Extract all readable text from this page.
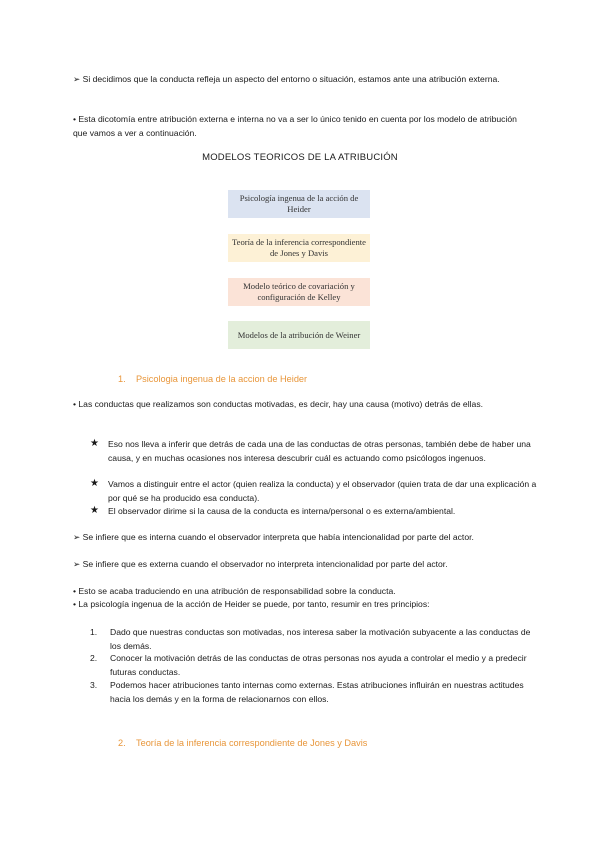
➢ Si decidimos que la conducta refleja un aspecto del entorno o situación, estamos ante una atribución externa.
• Esta dicotomía entre atribución externa e interna no va a ser lo único tenido en cuenta por los modelo de atribución que vamos a ver a continuación.
MODELOS TEORICOS DE LA ATRIBUCIÓN
Psicología ingenua de la acción de Heider
Teoría de la inferencia correspondiente de Jones y Davis
Modelo teórico de covariación y configuración de Kelley
Modelos de la atribución de Weiner
1. Psicologia ingenua de la accion de Heider
• Las conductas que realizamos son conductas motivadas, es decir, hay una causa (motivo) detrás de ellas.
★ Eso nos lleva a inferir que detrás de cada una de las conductas de otras personas, también debe de haber una causa, y en muchas ocasiones nos interesa descubrir cuál es actuando como psicólogos ingenuos.
★ Vamos a distinguir entre el actor (quien realiza la conducta) y el observador (quien trata de dar una explicación a por qué se ha producido esa conducta).
★ El observador dirime si la causa de la conducta es interna/personal o es externa/ambiental.
➢ Se infiere que es interna cuando el observador interpreta que había intencionalidad por parte del actor.
➢ Se infiere que es externa cuando el observador no interpreta intencionalidad por parte del actor.
• Esto se acaba traduciendo en una atribución de responsabilidad sobre la conducta.
• La psicología ingenua de la acción de Heider se puede, por tanto, resumir en tres principios:
1. Dado que nuestras conductas son motivadas, nos interesa saber la motivación subyacente a las conductas de los demás.
2. Conocer la motivación detrás de las conductas de otras personas nos ayuda a controlar el medio y a predecir futuras conductas.
3. Podemos hacer atribuciones tanto internas como externas. Estas atribuciones influirán en nuestras actitudes hacia los demás y en la forma de relacionarnos con ellos.
2. Teoría de la inferencia correspondiente de Jones y Davis
